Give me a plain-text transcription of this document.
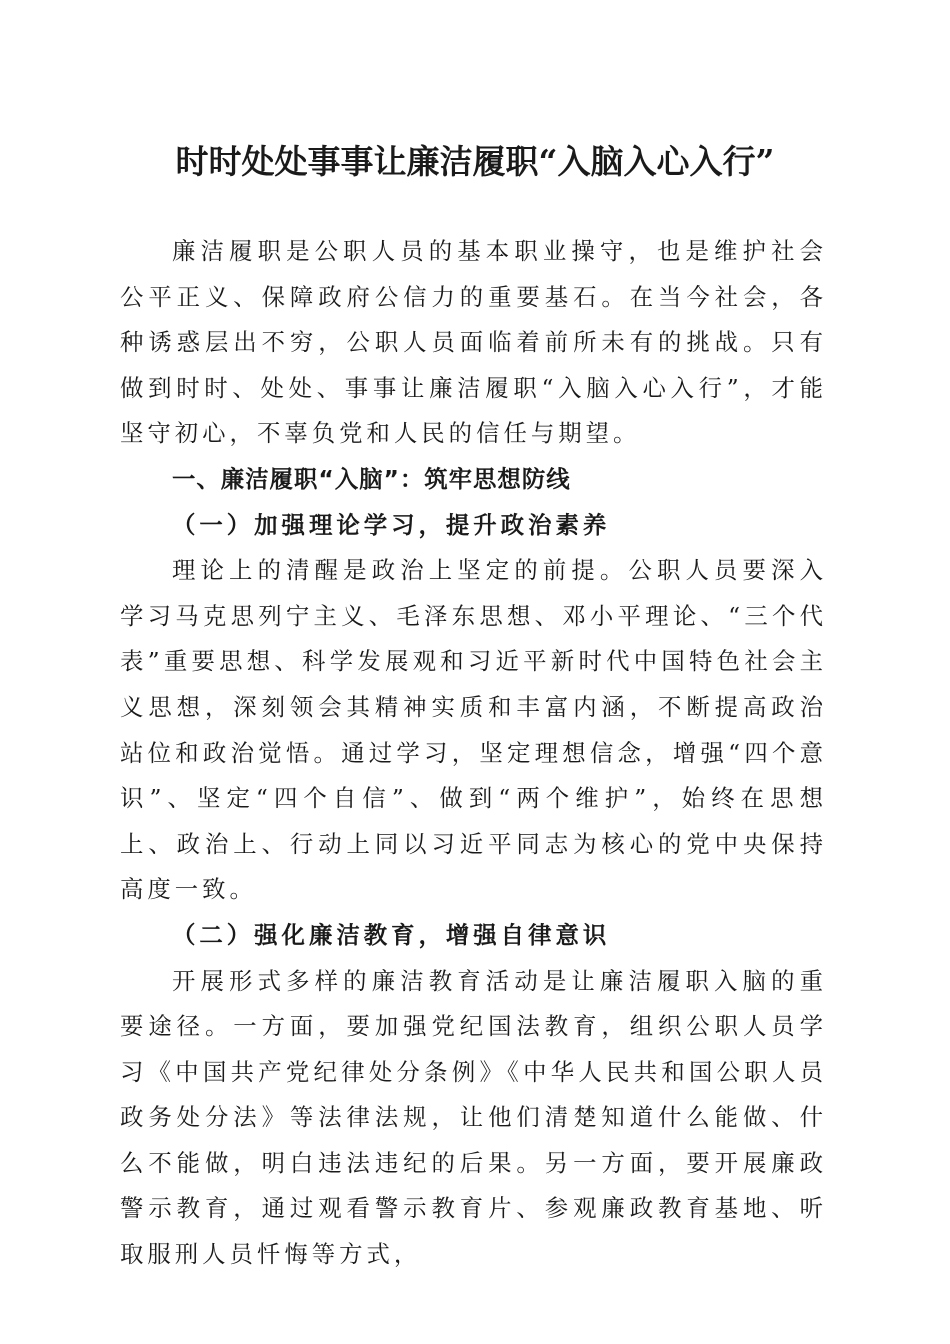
时时处处事事让廉洁履职“入脑入心入行”

廉洁履职是公职人员的基本职业操守，也是维护社会公平正义、保障政府公信力的重要基石。在当今社会，各种诱惑层出不穷，公职人员面临着前所未有的挑战。只有做到时时、处处、事事让廉洁履职“入脑入心入行”，才能坚守初心，不辜负党和人民的信任与期望。

一、廉洁履职“入脑”：筑牢思想防线

（一）加强理论学习，提升政治素养

理论上的清醒是政治上坚定的前提。公职人员要深入学习马克思列宁主义、毛泽东思想、邓小平理论、“三个代表”重要思想、科学发展观和习近平新时代中国特色社会主义思想，深刻领会其精神实质和丰富内涵，不断提高政治站位和政治觉悟。通过学习，坚定理想信念，增强“四个意识”、坚定“四个自信”、做到“两个维护”，始终在思想上、政治上、行动上同以习近平同志为核心的党中央保持高度一致。

（二）强化廉洁教育，增强自律意识

开展形式多样的廉洁教育活动是让廉洁履职入脑的重要途径。一方面，要加强党纪国法教育，组织公职人员学习《中国共产党纪律处分条例》《中华人民共和国公职人员政务处分法》等法律法规，让他们清楚知道什么能做、什么不能做，明白违法违纪的后果。另一方面，要开展廉政警示教育，通过观看警示教育片、参观廉政教育基地、听取服刑人员忏悔等方式，
